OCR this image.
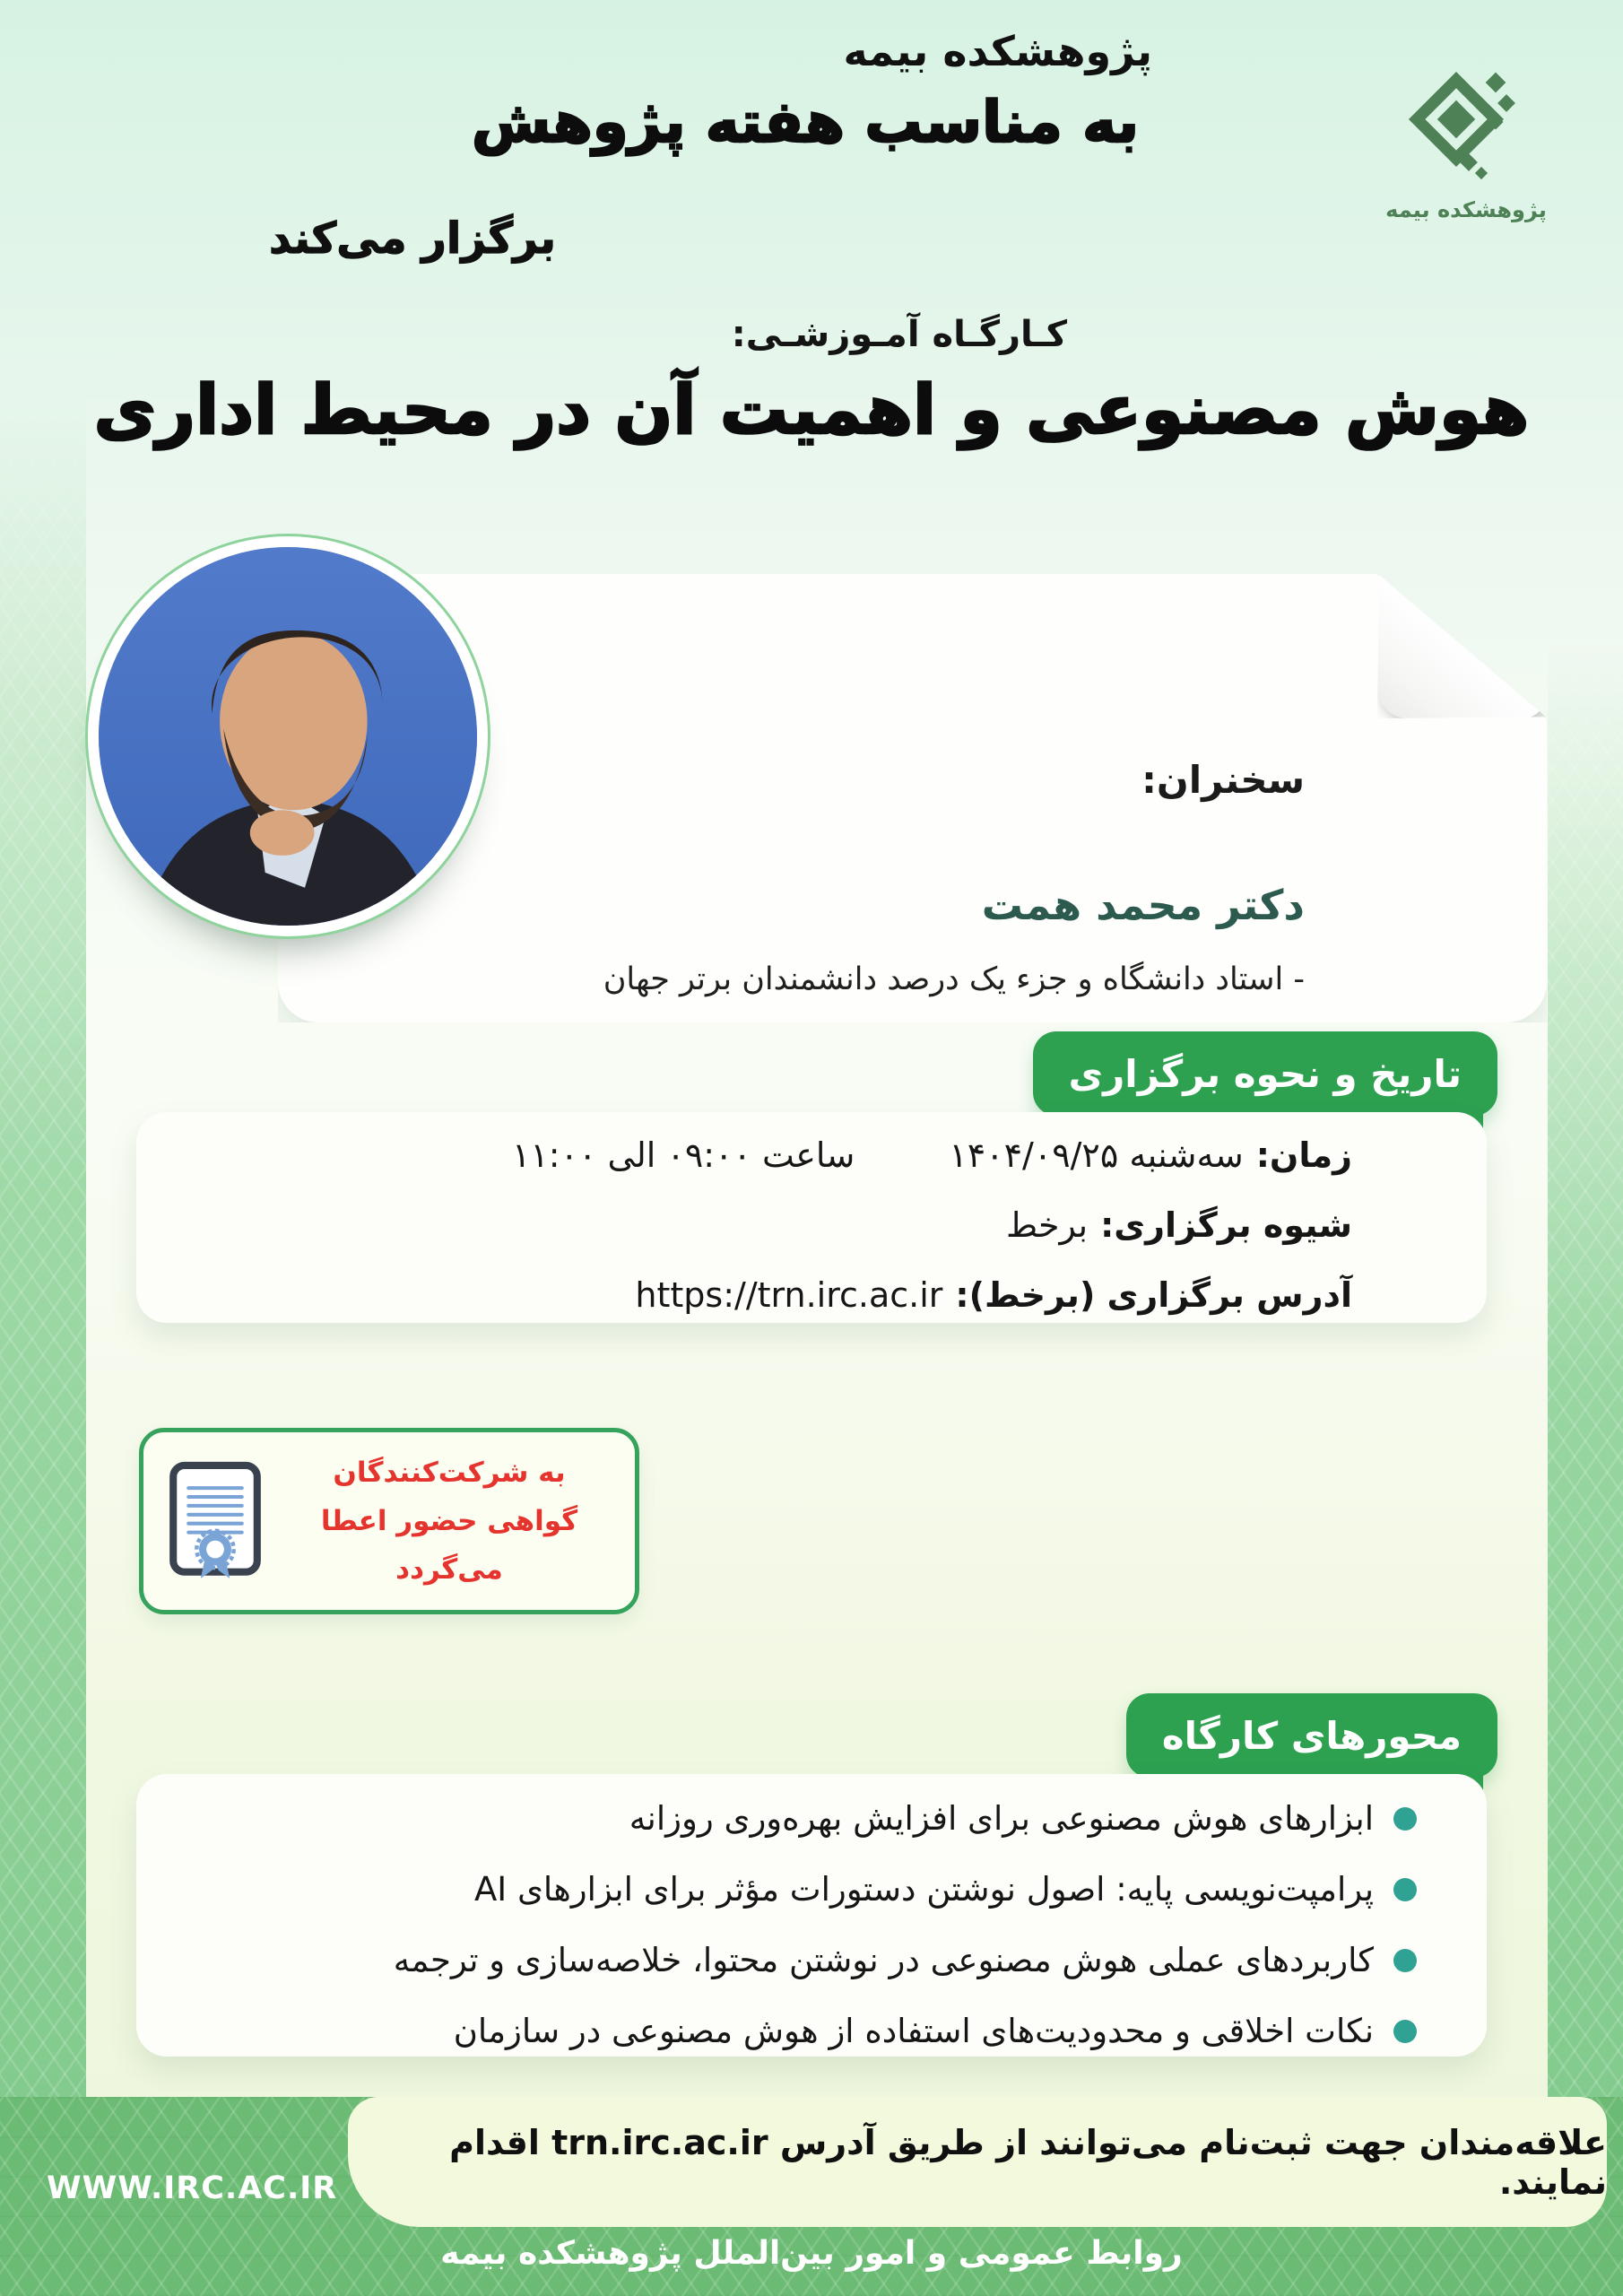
پژوهشکده بیمه
به مناسب هفته پژوهش
برگزار می‌کند
پژوهشکده بیمه
کـارگـاه آمـوزشـی:
هوش مصنوعی و اهمیت آن در محیط اداری
سخنران:
دکتر محمد همت
- استاد دانشگاه و جزء یک درصد دانشمندان برتر جهان
تاریخ و نحوه برگزاری
زمان:
سه‌شنبه ۱۴۰۴/۰۹/۲۵
ساعت ۰۹:۰۰ الی ۱۱:۰۰
شیوه برگزاری:
برخط
آدرس برگزاری (برخط):
https://trn.irc.ac.ir
به شرکت‌کنندگان
گواهی حضور اعطا می‌گردد
محورهای کارگاه
ابزارهای هوش مصنوعی برای افزایش بهره‌وری روزانه
پرامپت‌نویسی پایه: اصول نوشتن دستورات مؤثر برای ابزارهای AI
کاربردهای عملی هوش مصنوعی در نوشتن محتوا، خلاصه‌سازی و ترجمه
نکات اخلاقی و محدودیت‌های استفاده از هوش مصنوعی در سازمان
علاقه‌مندان جهت ثبت‌نام می‌توانند از طریق آدرس trn.irc.ac.ir اقدام نمایند.
WWW.IRC.AC.IR
روابط عمومی و امور بین‌الملل پژوهشکده بیمه
